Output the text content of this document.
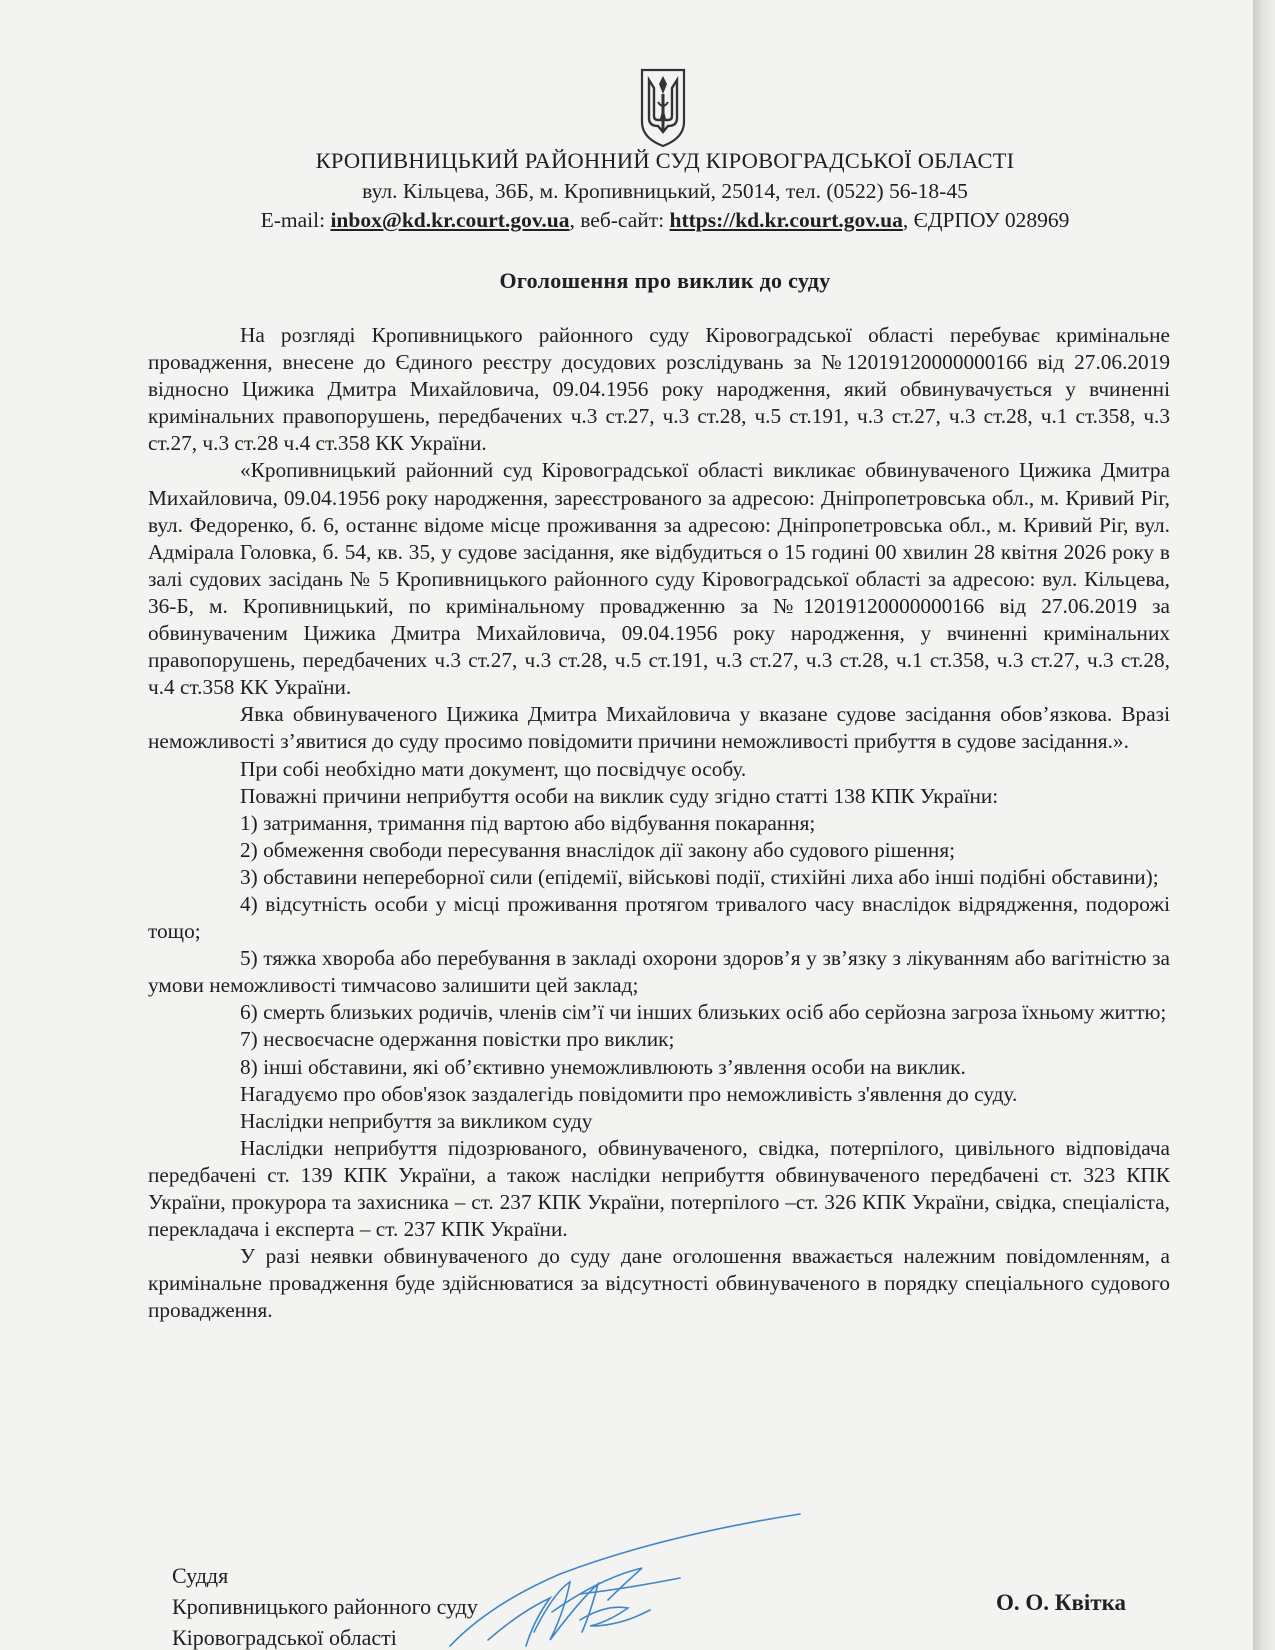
КРОПИВНИЦЬКИЙ РАЙОННИЙ СУД КІРОВОГРАДСЬКОЇ ОБЛАСТІ
вул. Кільцева, 36Б, м. Кропивницький, 25014, тел. (0522) 56-18-45
E-mail: inbox@kd.kr.court.gov.ua, веб-сайт: https://kd.kr.court.gov.ua, ЄДРПОУ 028969
Оголошення про виклик до суду

На розгляді Кропивницького районного суду Кіровоградської області перебуває кримінальне провадження, внесене до Єдиного реєстру досудових розслідувань за №12019120000000166 від 27.06.2019 відносно Цижика Дмитра Михайловича, 09.04.1956 року народження, який обвинувачується у вчиненні кримінальних правопорушень, передбачених ч.3 ст.27, ч.3 ст.28, ч.5 ст.191, ч.3 ст.27, ч.3 ст.28, ч.1 ст.358, ч.3 ст.27, ч.3 ст.28 ч.4 ст.358 КК України.

«Кропивницький районний суд Кіровоградської області викликає обвинуваченого Цижика Дмитра Михайловича, 09.04.1956 року народження, зареєстрованого за адресою: Дніпропетровська обл., м. Кривий Ріг, вул. Федоренко, б. 6, останнє відоме місце проживання за адресою: Дніпропетровська обл., м. Кривий Ріг, вул. Адмірала Головка, б. 54, кв. 35, у судове засідання, яке відбудиться о 15 годині 00 хвилин 28 квітня 2026 року в залі судових засідань № 5 Кропивницького районного суду Кіровоградської області за адресою: вул. Кільцева, 36-Б, м. Кропивницький, по кримінальному провадженню за №12019120000000166 від 27.06.2019 за обвинуваченим Цижика Дмитра Михайловича, 09.04.1956 року народження, у вчиненні кримінальних правопорушень, передбачених ч.3 ст.27, ч.3 ст.28, ч.5 ст.191, ч.3 ст.27, ч.3 ст.28, ч.1 ст.358, ч.3 ст.27, ч.3 ст.28, ч.4 ст.358 КК України.

Явка обвинуваченого Цижика Дмитра Михайловича у вказане судове засідання обов’язкова. Вразі неможливості з’явитися до суду просимо повідомити причини неможливості прибуття в судове засідання.».

При собі необхідно мати документ, що посвідчує особу.

Поважні причини неприбуття особи на виклик суду згідно статті 138 КПК України:

1) затримання, тримання під вартою або відбування покарання;

2) обмеження свободи пересування внаслідок дії закону або судового рішення;

3) обставини непереборної сили (епідемії, військові події, стихійні лиха або інші подібні обставини);

4) відсутність особи у місці проживання протягом тривалого часу внаслідок відрядження, подорожі тощо;

5) тяжка хвороба або перебування в закладі охорони здоров’я у зв’язку з лікуванням або вагітністю за умови неможливості тимчасово залишити цей заклад;

6) смерть близьких родичів, членів сім’ї чи інших близьких осіб або серйозна загроза їхньому життю;

7) несвоєчасне одержання повістки про виклик;

8) інші обставини, які об’єктивно унеможливлюють з’явлення особи на виклик.

Нагадуємо про обов'язок заздалегідь повідомити про неможливість з'явлення до суду.

Наслідки неприбуття за викликом суду

Наслідки неприбуття підозрюваного, обвинуваченого, свідка, потерпілого, цивільного відповідача передбачені ст. 139 КПК України, а також наслідки неприбуття обвинуваченого передбачені ст. 323 КПК України, прокурора та захисника – ст. 237 КПК України, потерпілого –ст. 326 КПК України, свідка, спеціаліста, перекладача і експерта – ст. 237 КПК України.

У разі неявки обвинуваченого до суду дане оголошення вважається належним повідомленням, а кримінальне провадження буде здійснюватися за відсутності обвинуваченого в порядку спеціального судового провадження.

Суддя
Кропивницького районного суду
Кіровоградської області
О. О. Квітка
